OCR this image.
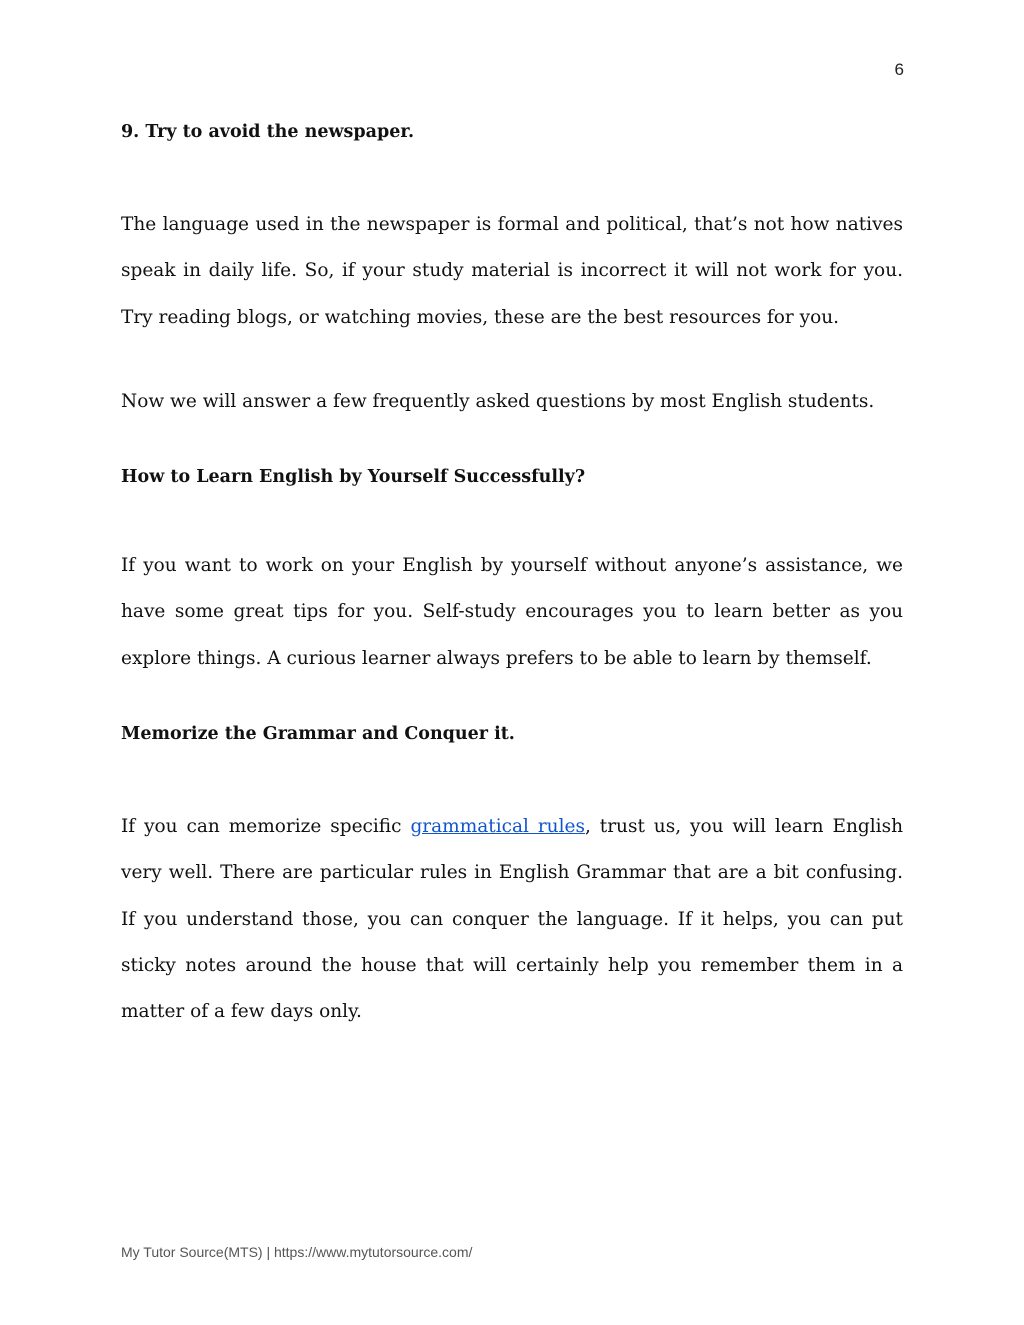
6
9. Try to avoid the newspaper.

The language used in the newspaper is formal and political, that’s not how natives speak in daily life. So, if your study material is incorrect it will not work for you. Try reading blogs, or watching movies, these are the best resources for you.

Now we will answer a few frequently asked questions by most English students.

How to Learn English by Yourself Successfully?

If you want to work on your English by yourself without anyone’s assistance, we have some great tips for you. Self-study encourages you to learn better as you explore things. A curious learner always prefers to be able to learn by themself.

Memorize the Grammar and Conquer it.

If you can memorize specific grammatical rules, trust us, you will learn English very well. There are particular rules in English Grammar that are a bit confusing. If you understand those, you can conquer the language. If it helps, you can put sticky notes around the house that will certainly help you remember them in a matter of a few days only.

My Tutor Source(MTS) | https://www.mytutorsource.com/
